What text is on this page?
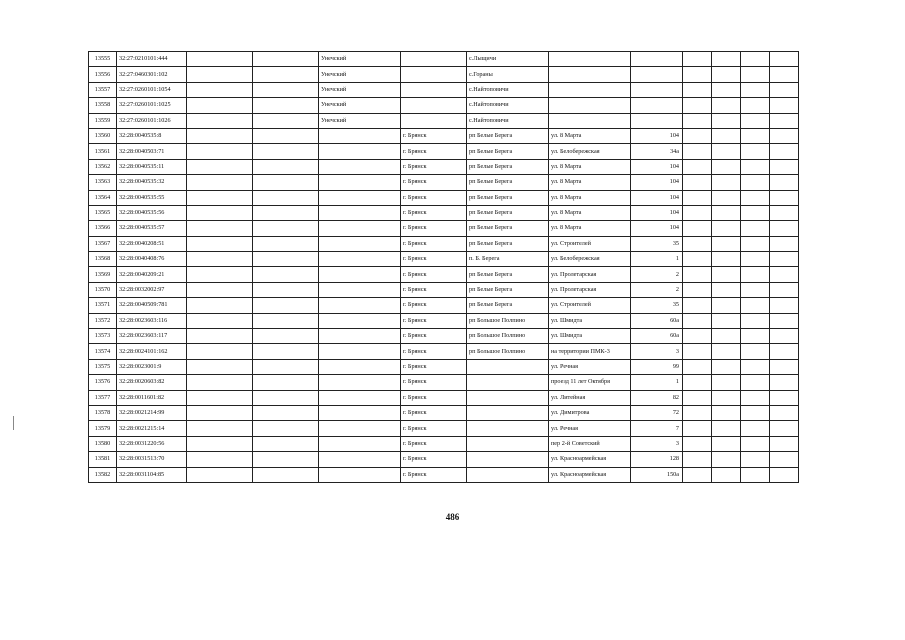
13555	32:27:0210101:444			Унечский		с.Лыщичи						
13556	32:27:0460301:102			Унечский		с.Гораны						
13557	32:27:0260101:1054			Унечский		с.Найтоповичи						
13558	32:27:0260101:1025			Унечский		с.Найтоповичи						
13559	32:27:0260101:1026			Унечский		с.Найтоповичи						
13560	32:28:0040535:8				г. Брянск	рп Белые Берега	ул. 8 Марта	104				
13561	32:28:0040503:71				г. Брянск	рп Белые Берега	ул. Белобережская	34а				
13562	32:28:0040535:11				г. Брянск	рп Белые Берега	ул. 8 Марта	104				
13563	32:28:0040535:32				г. Брянск	рп Белые Берега	ул. 8 Марта	104				
13564	32:28:0040535:55				г. Брянск	рп Белые Берега	ул. 8 Марта	104				
13565	32:28:0040535:56				г. Брянск	рп Белые Берега	ул. 8 Марта	104				
13566	32:28:0040535:57				г. Брянск	рп Белые Берега	ул. 8 Марта	104				
13567	32:28:0040208:51				г. Брянск	рп Белые Берега	ул. Строителей	35				
13568	32:28:0040408:76				г. Брянск	п. Б. Берега	ул. Белобережская	1				
13569	32:28:0040209:21				г. Брянск	рп Белые Берега	ул. Пролетарская	2				
13570	32:28:0032002:97				г. Брянск	рп Белые Берега	ул. Пролетарская	2				
13571	32:28:0040509:781				г. Брянск	рп Белые Берега	ул. Строителей	35				
13572	32:28:0023603:116				г. Брянск	рп Большое Полпино	ул. Шмидта	60а				
13573	32:28:0023603:117				г. Брянск	рп Большое Полпино	ул. Шмидта	60а				
13574	32:28:0024101:162				г. Брянск	рп Большое Полпино	на территории ПМК-3	3				
13575	32:28:0023001:9				г. Брянск		ул. Речная	99				
13576	32:28:0020603:82				г. Брянск		проезд 11 лет Октября	1				
13577	32:28:0011601:82				г. Брянск		ул. Литейная	82				
13578	32:28:0021214:99				г. Брянск		ул. Димитрова	72				
13579	32:28:0021215:14				г. Брянск		ул. Речная	7				
13580	32:28:0031220:56				г. Брянск		пер 2-й Советский	3				
13581	32:28:0031513:70				г. Брянск		ул. Красноармейская	128				
13582	32:28:0031104:85				г. Брянск		ул. Красноармейская	150а				
486
